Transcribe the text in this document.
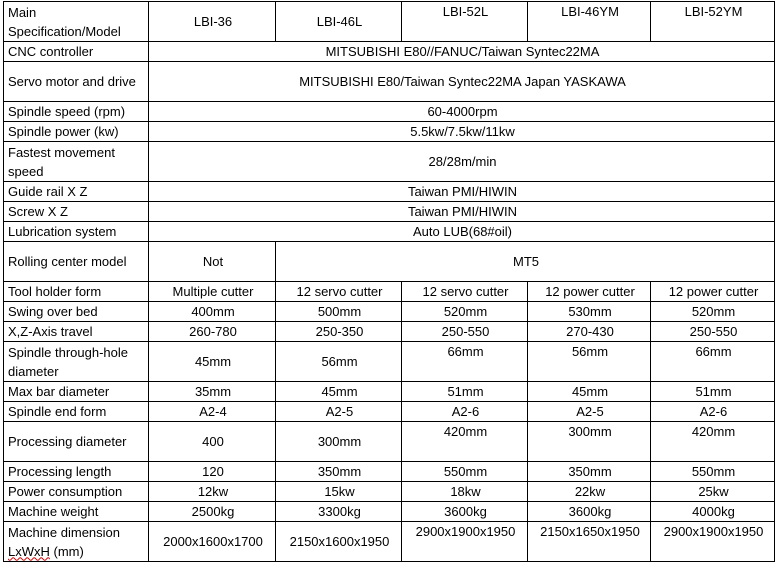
Main Specification/Model	LBI-36	LBI-46L	LBI-52L	LBI-46YM	LBI-52YM
CNC controller	MITSUBISHI E80//FANUC/Taiwan Syntec22MA				
Servo motor and drive	MITSUBISHI E80/Taiwan Syntec22MA Japan YASKAWA				
Spindle speed (rpm)	60-4000rpm				
Spindle power (kw)	5.5kw/7.5kw/11kw				
Fastest movement speed	28/28m/min				
Guide rail X Z	Taiwan PMI/HIWIN				
Screw X Z	Taiwan PMI/HIWIN				
Lubrication system	Auto LUB(68#oil)				
Rolling center model	Not	MT5			
Tool holder form	Multiple cutter	12 servo cutter	12 servo cutter	12 power cutter	12 power cutter
Swing over bed	400mm	500mm	520mm	530mm	520mm
X,Z-Axis travel	260-780	250-350	250-550	270-430	250-550
Spindle through-hole diameter	45mm	56mm	66mm	56mm	66mm
Max bar diameter	35mm	45mm	51mm	45mm	51mm
Spindle end form	A2-4	A2-5	A2-6	A2-5	A2-6
Processing diameter	400	300mm	420mm	300mm	420mm
Processing length	120	350mm	550mm	350mm	550mm
Power consumption	12kw	15kw	18kw	22kw	25kw
Machine weight	2500kg	3300kg	3600kg	3600kg	4000kg
Machine dimension
LxWxH (mm)	2000x1600x1700	2150x1600x1950	2900x1900x1950	2150x1650x1950	2900x1900x1950
